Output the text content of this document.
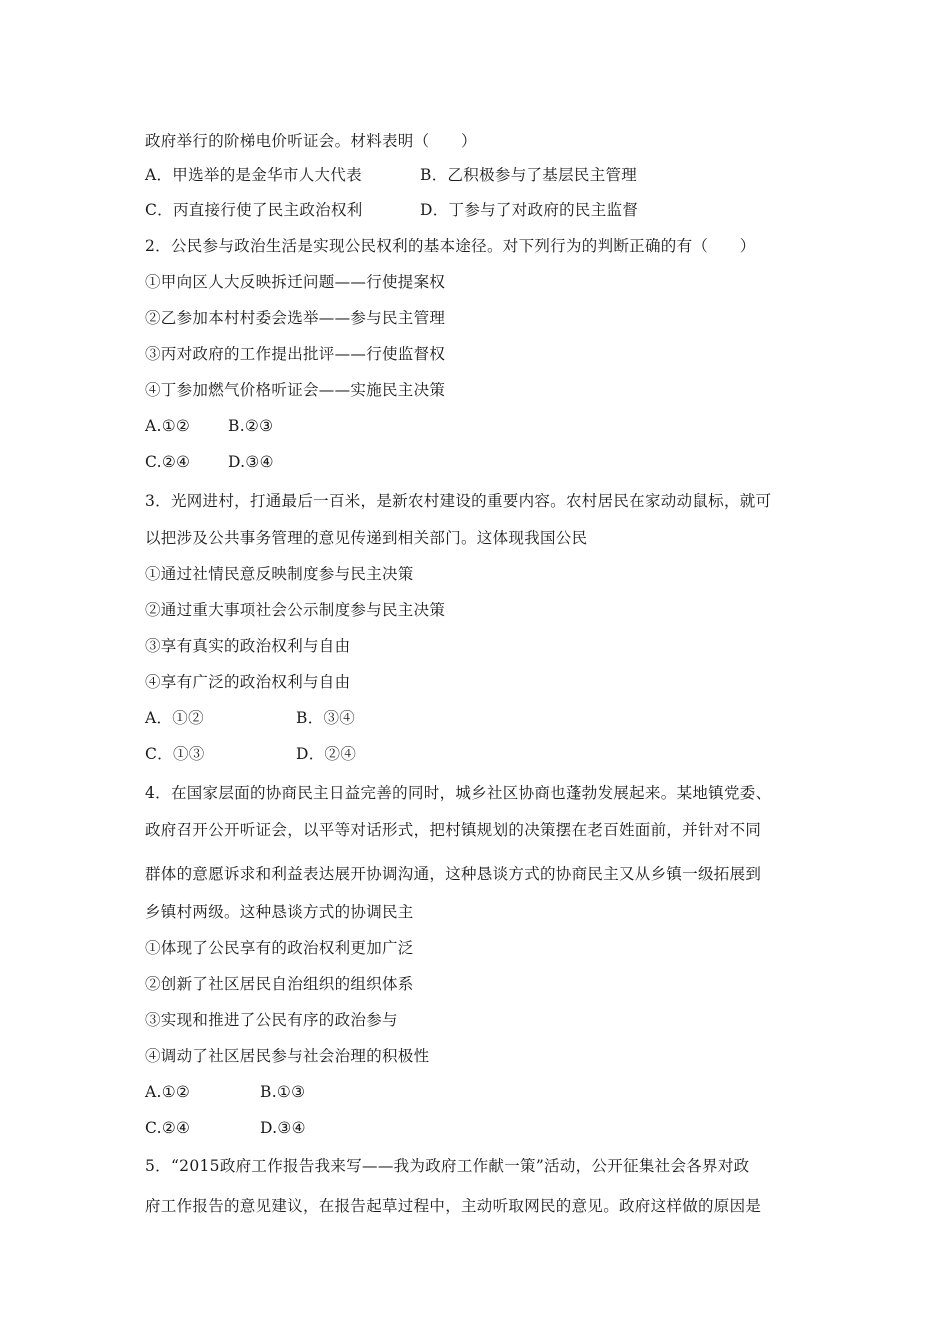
政府举行的阶梯电价听证会。材料表明（　　）
A．甲选举的是金华市人大代表	B．乙积极参与了基层民主管理
C．丙直接行使了民主政治权利	D．丁参与了对政府的民主监督
2．公民参与政治生活是实现公民权利的基本途径。对下列行为的判断正确的有（　　）
①甲向区人大反映拆迁问题——行使提案权
②乙参加本村村委会选举——参与民主管理
③丙对政府的工作提出批评——行使监督权
④丁参加燃气价格听证会——实施民主决策
A.①② B.②③
C.②④ D.③④
3．光网进村，打通最后一百米，是新农村建设的重要内容。农村居民在家动动鼠标，就可
以把涉及公共事务管理的意见传递到相关部门。这体现我国公民
①通过社情民意反映制度参与民主决策
②通过重大事项社会公示制度参与民主决策
③享有真实的政治权利与自由
④享有广泛的政治权利与自由
A．①②	B．③④
C．①③	D．②④
4．在国家层面的协商民主日益完善的同时，城乡社区协商也蓬勃发展起来。某地镇党委、
政府召开公开听证会，以平等对话形式，把村镇规划的决策摆在老百姓面前，并针对不同
群体的意愿诉求和利益表达展开协调沟通，这种恳谈方式的协商民主又从乡镇一级拓展到
乡镇村两级。这种恳谈方式的协调民主
①体现了公民享有的政治权利更加广泛
②创新了社区居民自治组织的组织体系
③实现和推进了公民有序的政治参与
④调动了社区居民参与社会治理的积极性
A.①②	B.①③
C.②④	D.③④
5．“2015政府工作报告我来写——我为政府工作献一策”活动，公开征集社会各界对政
府工作报告的意见建议，在报告起草过程中，主动听取网民的意见。政府这样做的原因是
